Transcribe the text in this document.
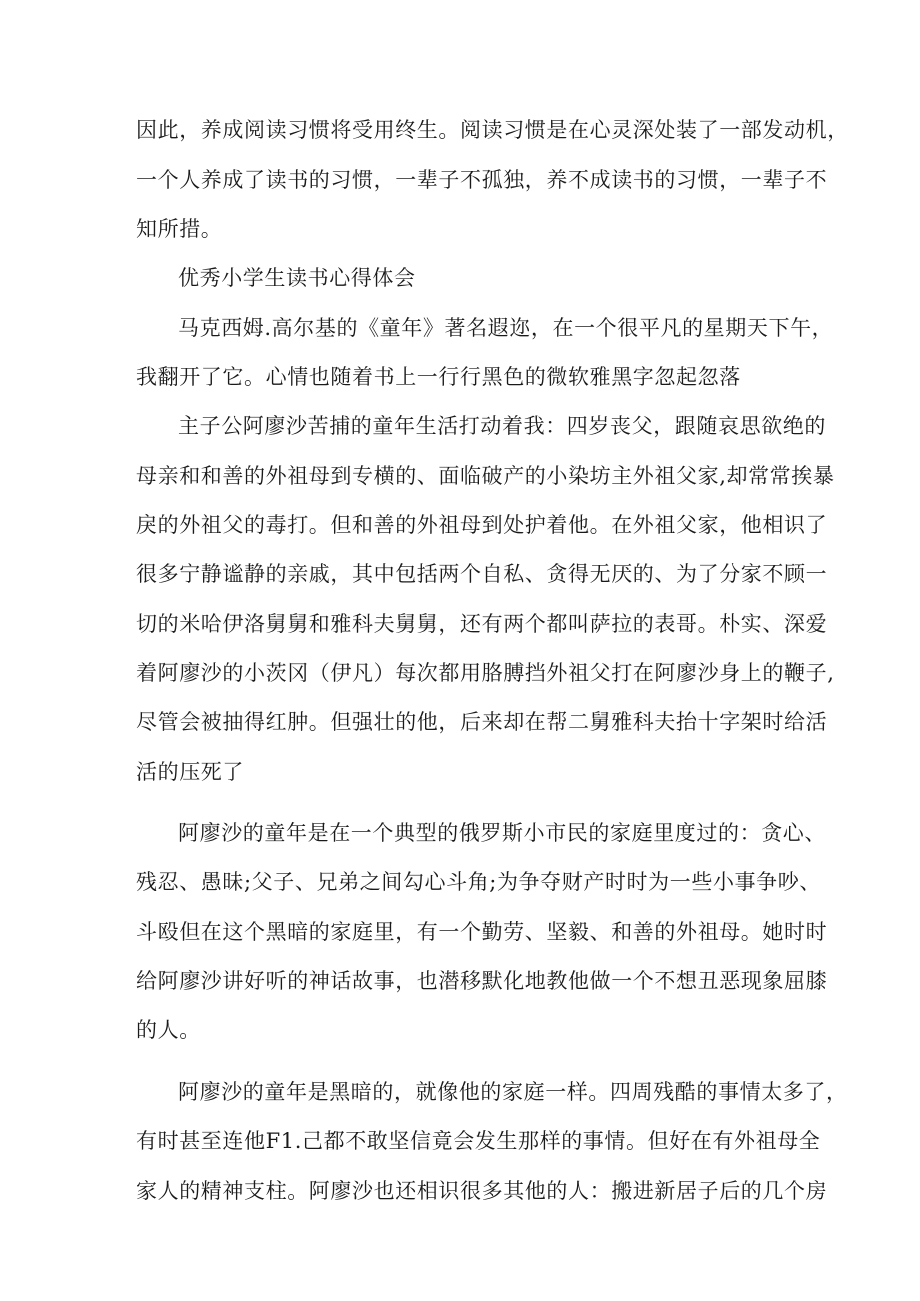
因此，养成阅读习惯将受用终生。阅读习惯是在心灵深处装了一部发动机，
一个人养成了读书的习惯，一辈子不孤独，养不成读书的习惯，一辈子不
知所措。
优秀小学生读书心得体会
马克西姆.高尔基的《童年》著名遐迩，在一个很平凡的星期天下午，
我翻开了它。心情也随着书上一行行黑色的微软雅黑字忽起忽落
主子公阿廖沙苦捕的童年生活打动着我：四岁丧父，跟随哀思欲绝的
母亲和和善的外祖母到专横的、面临破产的小染坊主外祖父家,却常常挨暴
戾的外祖父的毒打。但和善的外祖母到处护着他。在外祖父家，他相识了
很多宁静谧静的亲戚，其中包括两个自私、贪得无厌的、为了分家不顾一
切的米哈伊洛舅舅和雅科夫舅舅，还有两个都叫萨拉的表哥。朴实、深爱
着阿廖沙的小茨冈（伊凡）每次都用胳膊挡外祖父打在阿廖沙身上的鞭子,
尽管会被抽得红肿。但强壮的他，后来却在帮二舅雅科夫抬十字架时给活
活的压死了
阿廖沙的童年是在一个典型的俄罗斯小市民的家庭里度过的：贪心、
残忍、愚昧;父子、兄弟之间勾心斗角;为争夺财产时时为一些小事争吵、
斗殴但在这个黑暗的家庭里，有一个勤劳、坚毅、和善的外祖母。她时时
给阿廖沙讲好听的神话故事，也潜移默化地教他做一个不想丑恶现象屈膝
的人。
阿廖沙的童年是黑暗的，就像他的家庭一样。四周残酷的事情太多了，
有时甚至连他F1.己都不敢坚信竟会发生那样的事情。但好在有外祖母全
家人的精神支柱。阿廖沙也还相识很多其他的人：搬进新居子后的几个房
